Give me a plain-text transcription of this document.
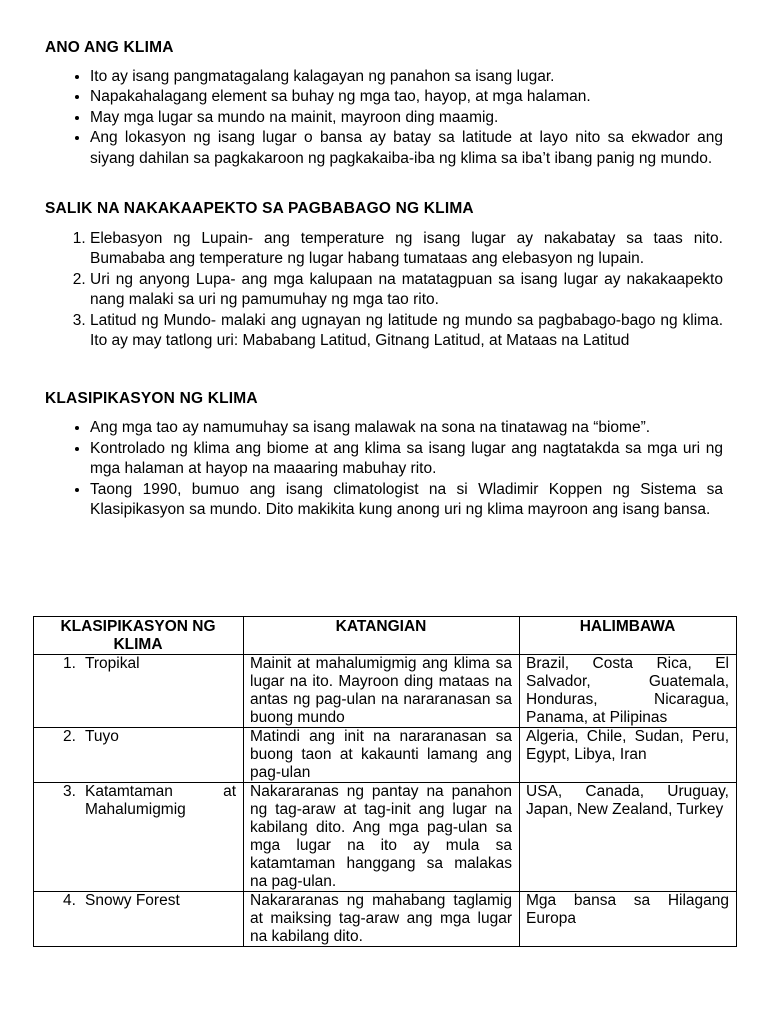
ANO ANG KLIMA
• Ito ay isang pangmatagalang kalagayan ng panahon sa isang lugar.
• Napakahalagang element sa buhay ng mga tao, hayop, at mga halaman.
• May mga lugar sa mundo na mainit, mayroon ding maamig.
• Ang lokasyon ng isang lugar o bansa ay batay sa latitude at layo nito sa ekwador ang siyang dahilan sa pagkakaroon ng pagkakaiba-iba ng klima sa iba’t ibang panig ng mundo.
SALIK NA NAKAKAAPEKTO SA PAGBABAGO NG KLIMA
1. Elebasyon ng Lupain- ang temperature ng isang lugar ay nakabatay sa taas nito. Bumababa ang temperature ng lugar habang tumataas ang elebasyon ng lupain.
2. Uri ng anyong Lupa- ang mga kalupaan na matatagpuan sa isang lugar ay nakakaapekto nang malaki sa uri ng pamumuhay ng mga tao rito.
3. Latitud ng Mundo- malaki ang ugnayan ng latitude ng mundo sa pagbabago-bago ng klima. Ito ay may tatlong uri: Mababang Latitud, Gitnang Latitud, at Mataas na Latitud
KLASIPIKASYON NG KLIMA
• Ang mga tao ay namumuhay sa isang malawak na sona na tinatawag na “biome”.
• Kontrolado ng klima ang biome at ang klima sa isang lugar ang nagtatakda sa mga uri ng mga halaman at hayop na maaaring mabuhay rito.
• Taong 1990, bumuo ang isang climatologist na si Wladimir Koppen ng Sistema sa Klasipikasyon sa mundo. Dito makikita kung anong uri ng klima mayroon ang isang bansa.
KLASIPIKASYON NG KLIMA	KATANGIAN	HALIMBAWA

1. Tropikal	Mainit at mahalumigmig ang klima sa lugar na ito. Mayroon ding mataas na antas ng pag-ulan na nararanasan sa buong mundo	Brazil, Costa Rica, El Salvador, Guatemala, Honduras, Nicaragua, Panama, at Pilipinas

2. Tuyo	Matindi ang init na nararanasan sa buong taon at kakaunti lamang ang pag-ulan	Algeria, Chile, Sudan, Peru, Egypt, Libya, Iran

3. Katamtaman at Mahalumigmig	Nakararanas ng pantay na panahon ng tag-araw at tag-init ang lugar na kabilang dito. Ang mga pag-ulan sa mga lugar na ito ay mula sa katamtaman hanggang sa malakas na pag-ulan.	USA, Canada, Uruguay, Japan, New Zealand, Turkey

4. Snowy Forest	Nakararanas ng mahabang taglamig at maiksing tag-araw ang mga lugar na kabilang dito.	Mga bansa sa Hilagang Europa
